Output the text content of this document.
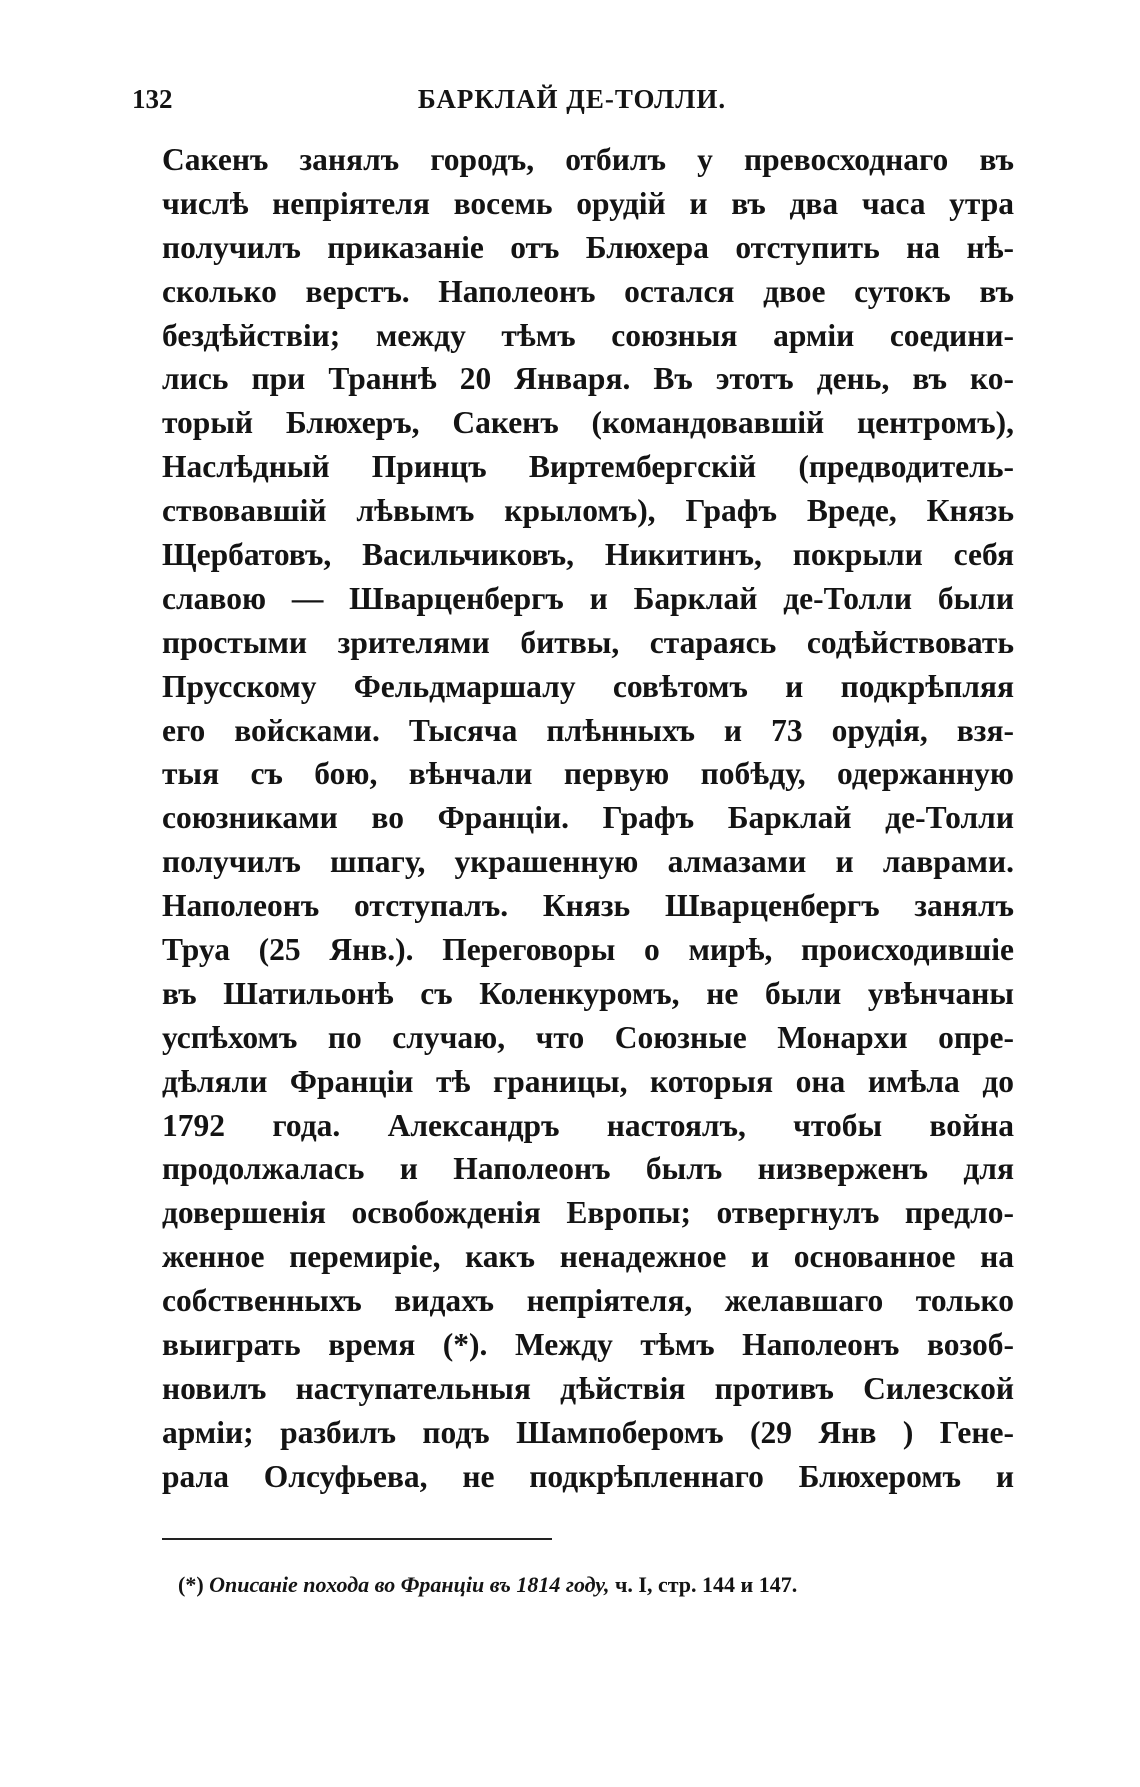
132	БАРКЛАЙ ДЕ-ТОЛЛИ.
Сакенъ занялъ городъ, отбилъ у превосходнаго въ
числѣ непріятеля восемь орудій и въ два часа утра
получилъ приказаніе отъ Блюхера отступить на нѣ-
сколько верстъ. Наполеонъ остался двое сутокъ въ
бездѣйствіи; между тѣмъ союзныя арміи соедини-
лись при Траннѣ 20 Января. Въ этотъ день, въ ко-
торый Блюхеръ, Сакенъ (командовавшій центромъ),
Наслѣдный Принцъ Виртембергскій (предводитель-
ствовавшій лѣвымъ крыломъ), Графъ Вреде, Князь
Щербатовъ, Васильчиковъ, Никитинъ, покрыли себя
славою — Шварценбергъ и Барклай де-Толли были
простыми зрителями битвы, стараясь содѣйствовать
Прусскому Фельдмаршалу совѣтомъ и подкрѣпляя
его войсками. Тысяча плѣнныхъ и 73 орудія, взя-
тыя съ бою, вѣнчали первую побѣду, одержанную
союзниками во Франціи. Графъ Барклай де-Толли
получилъ шпагу, украшенную алмазами и лаврами.
Наполеонъ отступалъ. Князь Шварценбергъ занялъ
Труа (25 Янв.). Переговоры о мирѣ, происходившіе
въ Шатильонѣ съ Коленкуромъ, не были увѣнчаны
успѣхомъ по случаю, что Союзные Монархи опре-
дѣляли Франціи тѣ границы, которыя она имѣла до
1792 года. Александръ настоялъ, чтобы война
продолжалась и Наполеонъ былъ низверженъ для
довершенія освобожденія Европы; отвергнулъ предло-
женное перемиріе, какъ ненадежное и основанное на
собственныхъ видахъ непріятеля, желавшаго только
выиграть время (*). Между тѣмъ Наполеонъ возоб-
новилъ наступательныя дѣйствія противъ Силезской
арміи; разбилъ подъ Шампоберомъ (29 Янв ) Гене-
рала Олсуфьева, не подкрѣпленнаго Блюхеромъ и
(*) Описаніе похода во Франціи въ 1814 году, ч. I, стр. 144 и 147.
